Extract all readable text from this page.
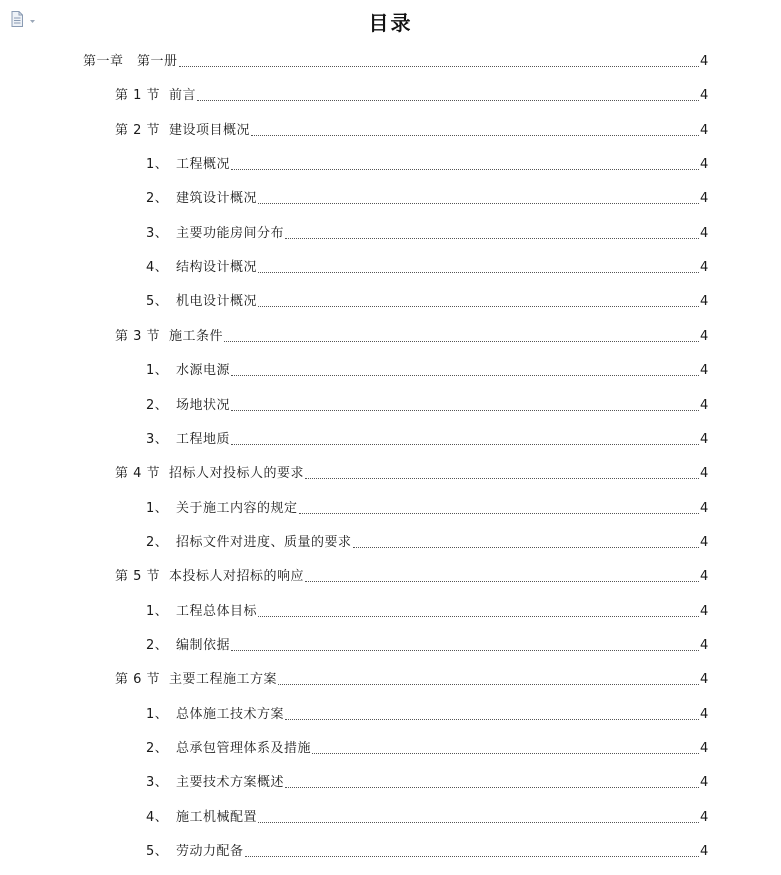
目录
第一章	第一册	4
第 1 节 前言	4
第 2 节 建设项目概况	4
1、 工程概况	4
2、 建筑设计概况	4
3、 主要功能房间分布	4
4、 结构设计概况	4
5、 机电设计概况	4
第 3 节 施工条件	4
1、 水源电源	4
2、 场地状况	4
3、 工程地质	4
第 4 节 招标人对投标人的要求	4
1、 关于施工内容的规定	4
2、 招标文件对进度、质量的要求	4
第 5 节 本投标人对招标的响应	4
1、 工程总体目标	4
2、 编制依据	4
第 6 节 主要工程施工方案	4
1、 总体施工技术方案	4
2、 总承包管理体系及措施	4
3、 主要技术方案概述	4
4、 施工机械配置	4
5、 劳动力配备	4
